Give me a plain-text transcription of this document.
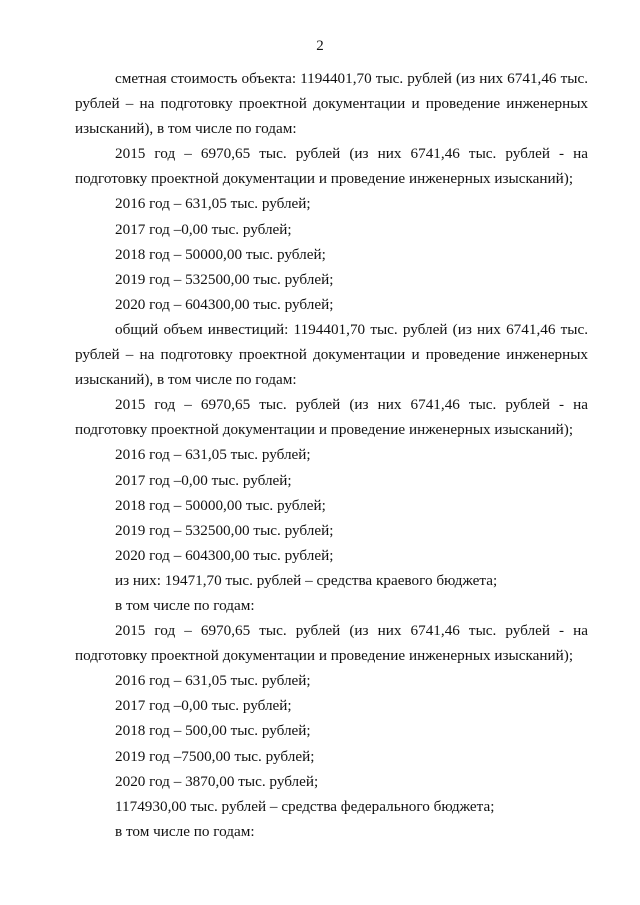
2

сметная стоимость объекта: 1194401,70 тыс. рублей (из них 6741,46 тыс. рублей – на подготовку проектной документации и проведение инженерных изысканий), в том числе по годам:

2015 год – 6970,65 тыс. рублей (из них 6741,46 тыс. рублей - на подготовку проектной документации и проведение инженерных изысканий);

2016 год – 631,05 тыс. рублей;

2017 год –0,00 тыс. рублей;

2018 год – 50000,00 тыс. рублей;

2019 год – 532500,00 тыс. рублей;

2020 год – 604300,00 тыс. рублей;

общий объем инвестиций: 1194401,70 тыс. рублей (из них 6741,46 тыс. рублей – на подготовку проектной документации и проведение инженерных изысканий), в том числе по годам:

2015 год – 6970,65 тыс. рублей (из них 6741,46 тыс. рублей - на подготовку проектной документации и проведение инженерных изысканий);

2016 год – 631,05 тыс. рублей;

2017 год –0,00 тыс. рублей;

2018 год – 50000,00 тыс. рублей;

2019 год – 532500,00 тыс. рублей;

2020 год – 604300,00 тыс. рублей;

из них: 19471,70 тыс. рублей – средства краевого бюджета;

в том числе по годам:

2015 год – 6970,65 тыс. рублей (из них 6741,46 тыс. рублей - на подготовку проектной документации и проведение инженерных изысканий);

2016 год – 631,05 тыс. рублей;

2017 год –0,00 тыс. рублей;

2018 год – 500,00 тыс. рублей;

2019 год –7500,00 тыс. рублей;

2020 год – 3870,00 тыс. рублей;

1174930,00 тыс. рублей – средства федерального бюджета;

в том числе по годам:
